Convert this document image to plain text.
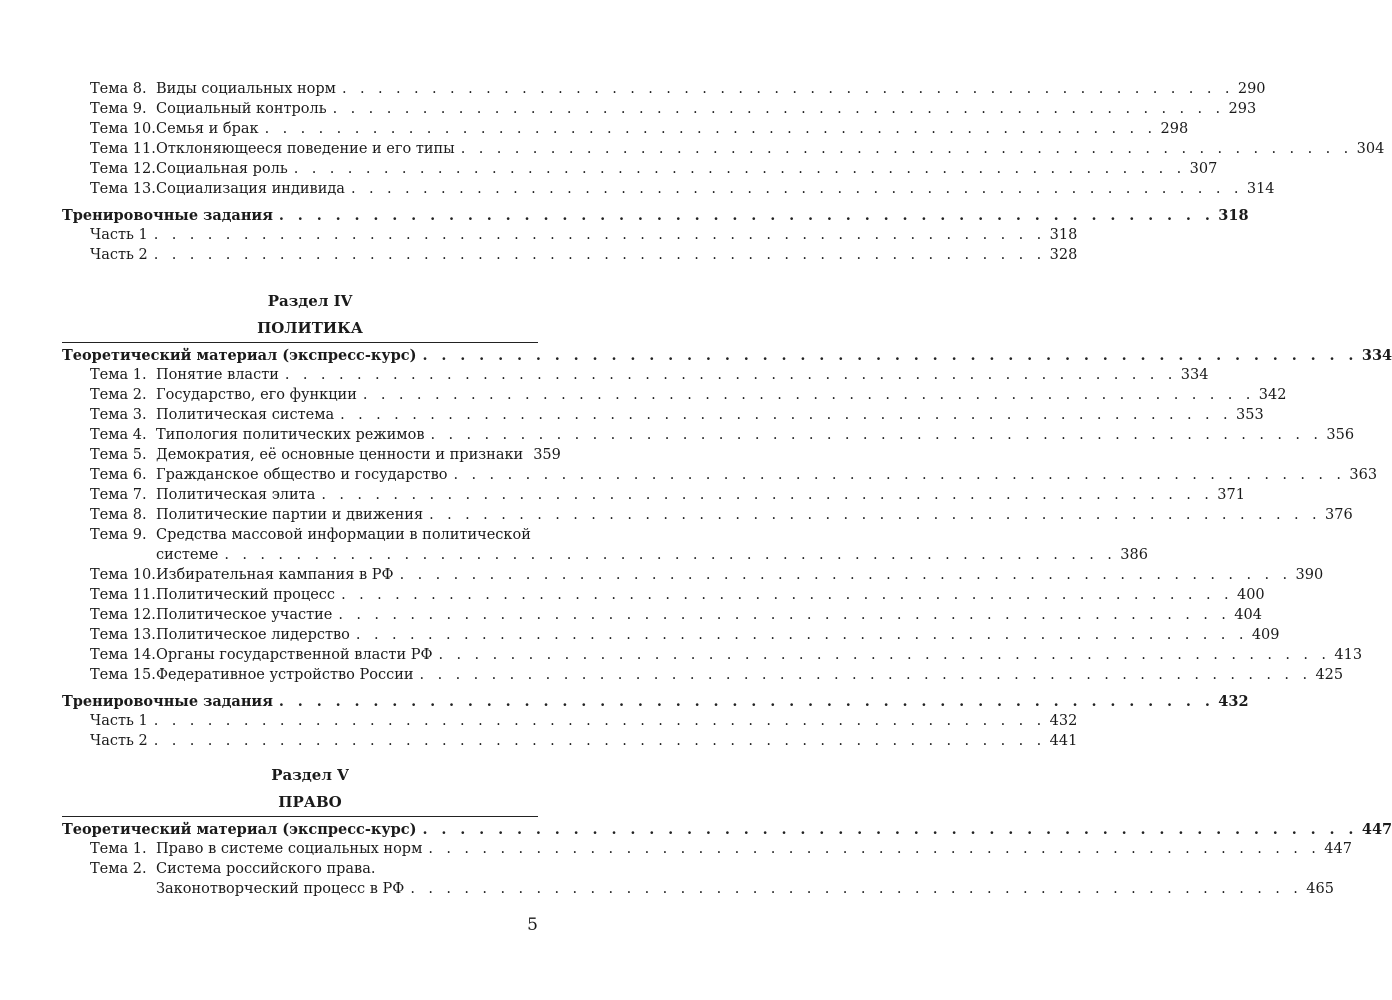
Тема 8. Виды социальных норм . . . . . . . . . . . . . . . . . . . . . . . . . . . . . . . . . . . . . . . . . . . . . . . . . . 290
Тема 9. Социальный контроль . . . . . . . . . . . . . . . . . . . . . . . . . . . . . . . . . . . . . . . . . . . . . . . . . . 293
Тема 10. Семья и брак . . . . . . . . . . . . . . . . . . . . . . . . . . . . . . . . . . . . . . . . . . . . . . . . . . 298
Тема 11. Отклоняющееся поведение и его типы . . . . . . . . . . . . . . . . . . . . . . . . . . . . . . . . . . . . . . . . . . . . . . . . . . 304
Тема 12. Социальная роль . . . . . . . . . . . . . . . . . . . . . . . . . . . . . . . . . . . . . . . . . . . . . . . . . . 307
Тема 13. Социализация индивида . . . . . . . . . . . . . . . . . . . . . . . . . . . . . . . . . . . . . . . . . . . . . . . . . . 314
Тренировочные задания . . . . . . . . . . . . . . . . . . . . . . . . . . . . . . . . . . . . . . . . . . . . . . . . . . 318
Часть 1 . . . . . . . . . . . . . . . . . . . . . . . . . . . . . . . . . . . . . . . . . . . . . . . . . . 318
Часть 2 . . . . . . . . . . . . . . . . . . . . . . . . . . . . . . . . . . . . . . . . . . . . . . . . . . 328
Раздел IV
ПОЛИТИКА
Теоретический материал (экспресс-курс) . . . . . . . . . . . . . . . . . . . . . . . . . . . . . . . . . . . . . . . . . . . . . . . . . . 334
Тема 1. Понятие власти . . . . . . . . . . . . . . . . . . . . . . . . . . . . . . . . . . . . . . . . . . . . . . . . . . 334
Тема 2. Государство, его функции . . . . . . . . . . . . . . . . . . . . . . . . . . . . . . . . . . . . . . . . . . . . . . . . . . 342
Тема 3. Политическая система . . . . . . . . . . . . . . . . . . . . . . . . . . . . . . . . . . . . . . . . . . . . . . . . . . 353
Тема 4. Типология политических режимов . . . . . . . . . . . . . . . . . . . . . . . . . . . . . . . . . . . . . . . . . . . . . . . . . . 356
Тема 5. Демократия, её основные ценности и признаки 359
Тема 6. Гражданское общество и государство . . . . . . . . . . . . . . . . . . . . . . . . . . . . . . . . . . . . . . . . . . . . . . . . . . 363
Тема 7. Политическая элита . . . . . . . . . . . . . . . . . . . . . . . . . . . . . . . . . . . . . . . . . . . . . . . . . . 371
Тема 8. Политические партии и движения . . . . . . . . . . . . . . . . . . . . . . . . . . . . . . . . . . . . . . . . . . . . . . . . . . 376
Тема 9. Средства массовой информации в политической
системе . . . . . . . . . . . . . . . . . . . . . . . . . . . . . . . . . . . . . . . . . . . . . . . . . . 386
Тема 10. Избирательная кампания в РФ . . . . . . . . . . . . . . . . . . . . . . . . . . . . . . . . . . . . . . . . . . . . . . . . . . 390
Тема 11. Политический процесс . . . . . . . . . . . . . . . . . . . . . . . . . . . . . . . . . . . . . . . . . . . . . . . . . . 400
Тема 12. Политическое участие . . . . . . . . . . . . . . . . . . . . . . . . . . . . . . . . . . . . . . . . . . . . . . . . . . 404
Тема 13. Политическое лидерство . . . . . . . . . . . . . . . . . . . . . . . . . . . . . . . . . . . . . . . . . . . . . . . . . . 409
Тема 14. Органы государственной власти РФ . . . . . . . . . . . . . . . . . . . . . . . . . . . . . . . . . . . . . . . . . . . . . . . . . . 413
Тема 15. Федеративное устройство России . . . . . . . . . . . . . . . . . . . . . . . . . . . . . . . . . . . . . . . . . . . . . . . . . . 425
Тренировочные задания . . . . . . . . . . . . . . . . . . . . . . . . . . . . . . . . . . . . . . . . . . . . . . . . . . 432
Часть 1 . . . . . . . . . . . . . . . . . . . . . . . . . . . . . . . . . . . . . . . . . . . . . . . . . . 432
Часть 2 . . . . . . . . . . . . . . . . . . . . . . . . . . . . . . . . . . . . . . . . . . . . . . . . . . 441
Раздел V
ПРАВО
Теоретический материал (экспресс-курс) . . . . . . . . . . . . . . . . . . . . . . . . . . . . . . . . . . . . . . . . . . . . . . . . . . 447
Тема 1. Право в системе социальных норм . . . . . . . . . . . . . . . . . . . . . . . . . . . . . . . . . . . . . . . . . . . . . . . . . . 447
Тема 2. Система российского права.
Законотворческий процесс в РФ . . . . . . . . . . . . . . . . . . . . . . . . . . . . . . . . . . . . . . . . . . . . . . . . . . 465
5
